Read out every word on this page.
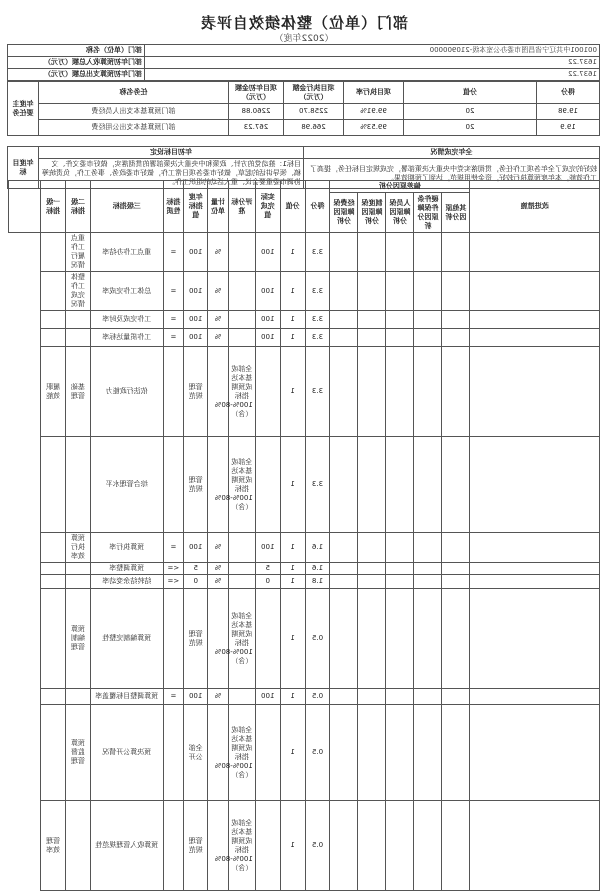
部门（单位）整体绩效自评表
（2022年度）
001001中共辽宁省昌图市委办公室本级-210900000	部门（单位）名称
1637.22	部门年初预算收入总额（万元）
1637.22	部门年初预算支出总额（万元）
得分	分值	项目执行率	项目执行金额（万元）	项目年初金额（万元）	任务名称	年度主要任务
19.98	20	99.91%	2258.70	2260.88	部门预算基本支出人员经费	
19.9	20	99.53%	266.98	267.23	部门预算基本支出公用经费	
全年完成情况	年初目标设定	年度目标
较好的完成了全年各项工作任务，贯彻落实党中央重大决策部署，完成规定目标任务，提高了工作效能，本年度预算执行较好，资金使用规范，达到了预期效果。	目标1：推动党的方针、政策和中央重大决策部署的贯彻落实，做好市委文件、文稿、领导讲话的起草，做好市委各项日常工作，做好市委政务、事务工作，负责统筹协调市委重要会议、重大活动的组织工作。	
改进措施	偏差原因分析					得分	分值	实际完成值	评分标准	计量单位	年度指标值	指标性质	三级指标	二级指标	一级指标	
	其他原因分析	硬件条件保障原因分析	人员保障原因分析	制度保障原因分析	经费保障原因分析											
						3.3	1	100		%	100	=	重点工作办结率	重点工作履行情况		
						3.3	1	100		%	100	=	总体工作完成率	整体工作完成情况		
						3.3	1	100		%	100	=	工作完成及时率			
						3.3	1	100		%	100	=	工作质量达标率			
						3.3	1		全部或基本达成预期指标100%-80%（含）		管理规范		依法行政能力	基础管理	履职效能	
						3.3	1		全部或基本达成预期指标100%-80%（含）		管理规范		综合管理水平			
						1.6	1	100		%	100	=	预算执行率	预算执行效率		
						1.6	1	5		%	5	<=	预算调整率			
						1.8	1	0		%	0	<=	结转结余变动率			
						0.5	1		全部或基本达成预期指标100%-80%（含）		管理规范		预算编制完整性	预算编制管理		
						0.5	1	100		%	100	=	预算调整目标覆盖率			
						0.5	1		全部或基本达成预期指标100%-80%（含）		全部公开		预决算公开情况	预算监督管理		
						0.5	1		全部或基本达成预期指标100%-80%（含）		管理规范		预算收入管理规范性		管理效率	
